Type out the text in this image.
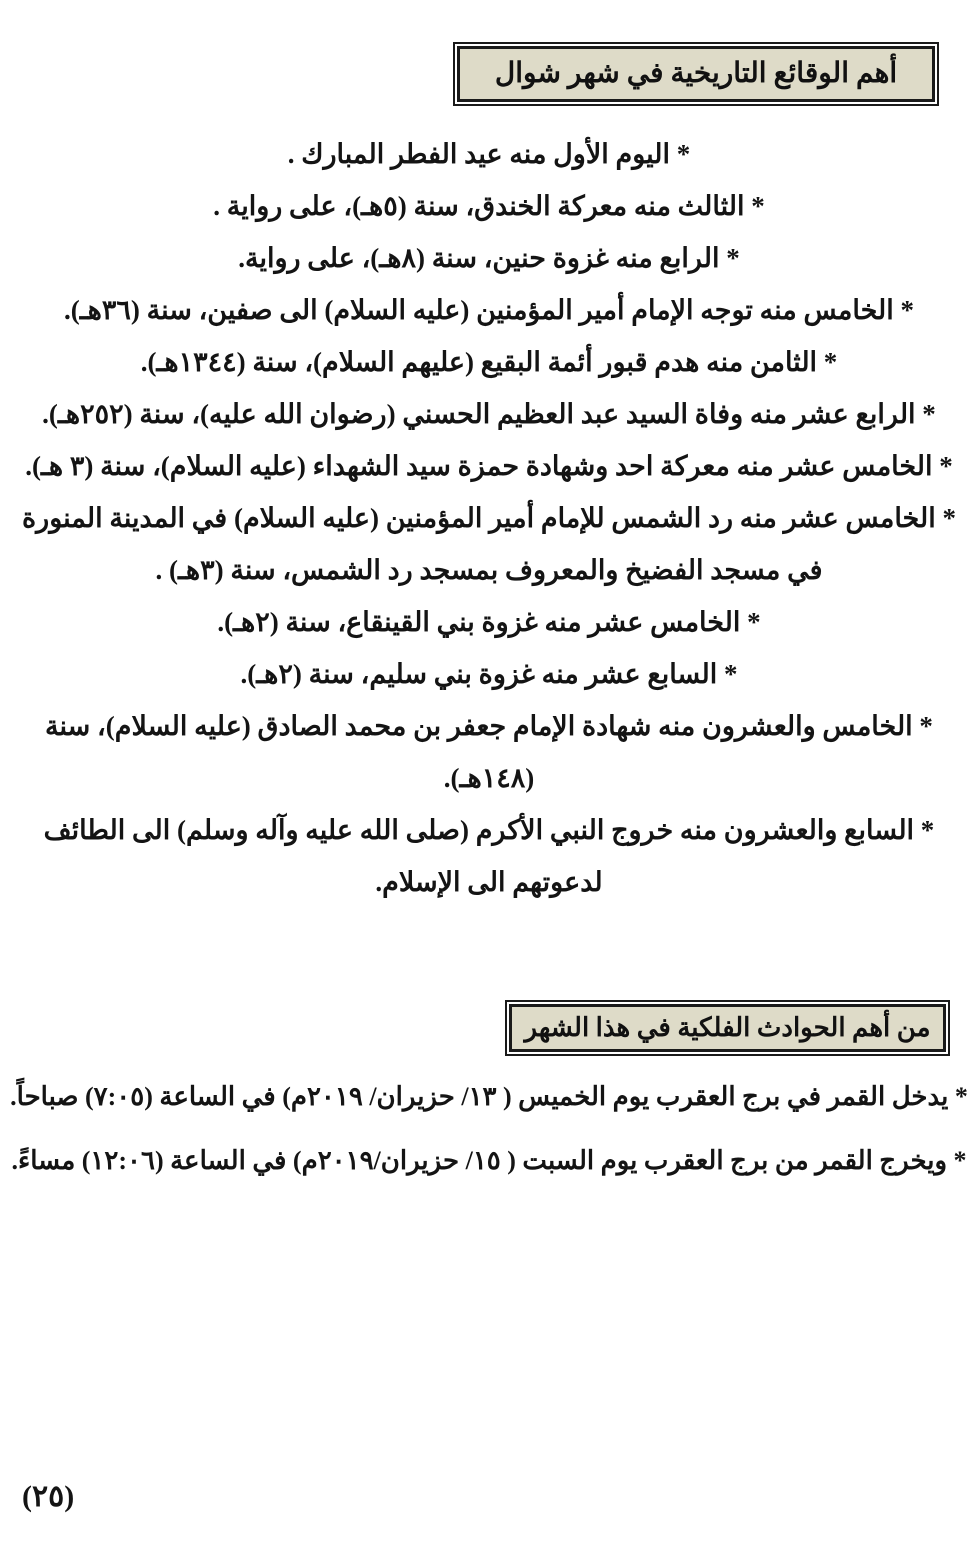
أهم الوقائع التاريخية في شهر شوال

* اليوم الأول منه عيد الفطر المبارك .

* الثالث منه معركة الخندق، سنة (٥هـ)، على رواية .

* الرابع منه غزوة حنين، سنة (٨هـ)، على رواية.

* الخامس منه توجه الإمام أمير المؤمنين (عليه السلام) الى صفين، سنة (٣٦هـ).

* الثامن منه هدم قبور أئمة البقيع (عليهم السلام)، سنة (١٣٤٤هـ).

* الرابع عشر منه وفاة السيد عبد العظيم الحسني (رضوان الله عليه)، سنة (٢٥٢هـ).

* الخامس عشر منه معركة احد وشهادة حمزة سيد الشهداء (عليه السلام)، سنة (٣ هـ).

* الخامس عشر منه رد الشمس للإمام أمير المؤمنين (عليه السلام) في المدينة المنورة في مسجد الفضيخ والمعروف بمسجد رد الشمس، سنة (٣هـ) .

* الخامس عشر منه غزوة بني القينقاع، سنة (٢هـ).

* السابع عشر منه غزوة بني سليم، سنة (٢هـ).

* الخامس والعشرون منه شهادة الإمام جعفر بن محمد الصادق (عليه السلام)، سنة (١٤٨هـ).

* السابع والعشرون منه خروج النبي الأكرم (صلى الله عليه وآله وسلم) الى الطائف لدعوتهم الى الإسلام.

من أهم الحوادث الفلكية في هذا الشهر

* يدخل القمر في برج العقرب يوم الخميس ( ١٣/ حزيران/ ٢٠١٩م) في الساعة (٧:٠٥) صباحاً.

* ويخرج القمر من برج العقرب يوم السبت ( ١٥/ حزيران/٢٠١٩م) في الساعة (١٢:٠٦) مساءً.

(٢٥)
